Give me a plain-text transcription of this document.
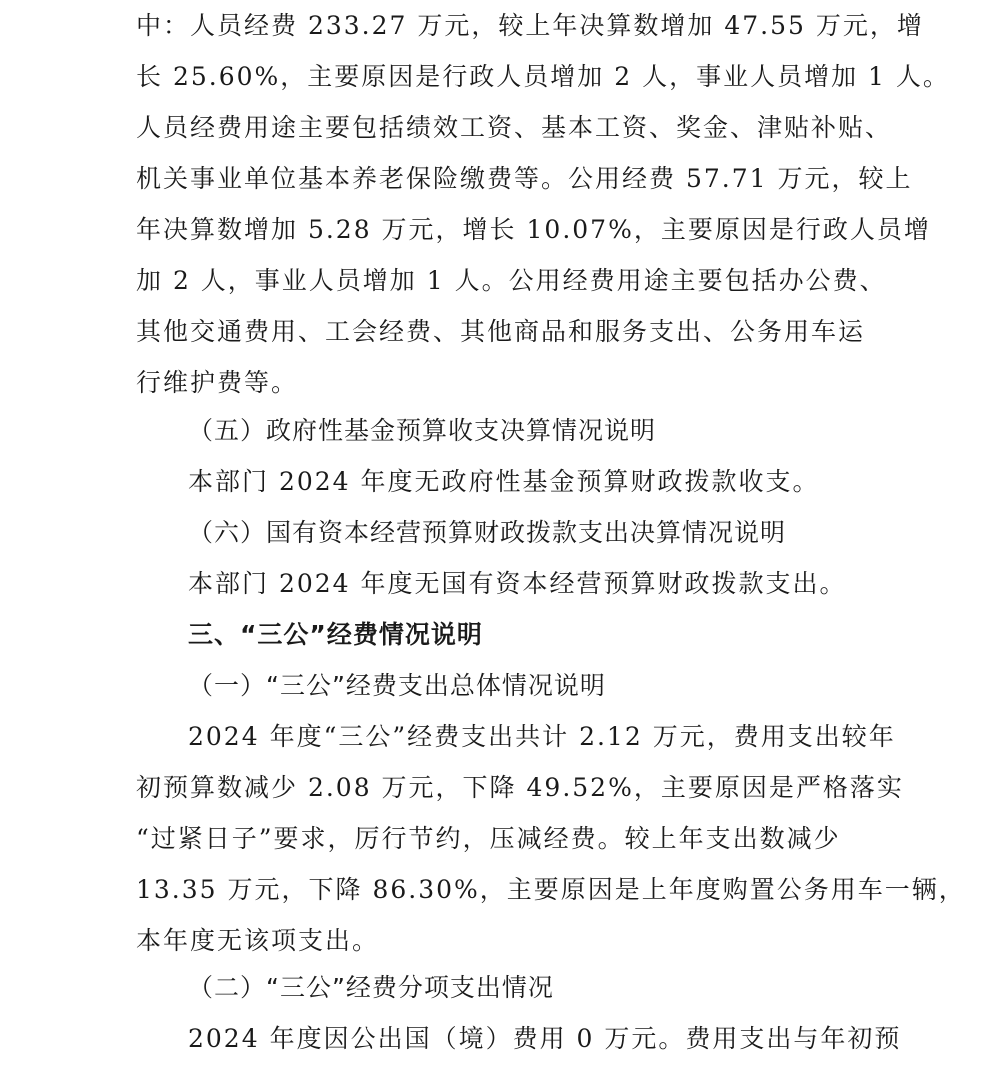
中：人员经费 233.27 万元，较上年决算数增加 47.55 万元，增
长 25.60%，主要原因是行政人员增加 2 人，事业人员增加 1 人。
人员经费用途主要包括绩效工资、基本工资、奖金、津贴补贴、
机关事业单位基本养老保险缴费等。公用经费 57.71 万元，较上
年决算数增加 5.28 万元，增长 10.07%，主要原因是行政人员增
加 2 人，事业人员增加 1 人。公用经费用途主要包括办公费、
其他交通费用、工会经费、其他商品和服务支出、公务用车运
行维护费等。
（五）政府性基金预算收支决算情况说明
本部门 2024 年度无政府性基金预算财政拨款收支。
（六）国有资本经营预算财政拨款支出决算情况说明
本部门 2024 年度无国有资本经营预算财政拨款支出。
三、“三公”经费情况说明
（一）“三公”经费支出总体情况说明
2024 年度“三公”经费支出共计 2.12 万元，费用支出较年
初预算数减少 2.08 万元，下降 49.52%，主要原因是严格落实
“过紧日子”要求，厉行节约，压减经费。较上年支出数减少
13.35 万元，下降 86.30%，主要原因是上年度购置公务用车一辆，
本年度无该项支出。
（二）“三公”经费分项支出情况
2024 年度因公出国（境）费用 0 万元。费用支出与年初预
